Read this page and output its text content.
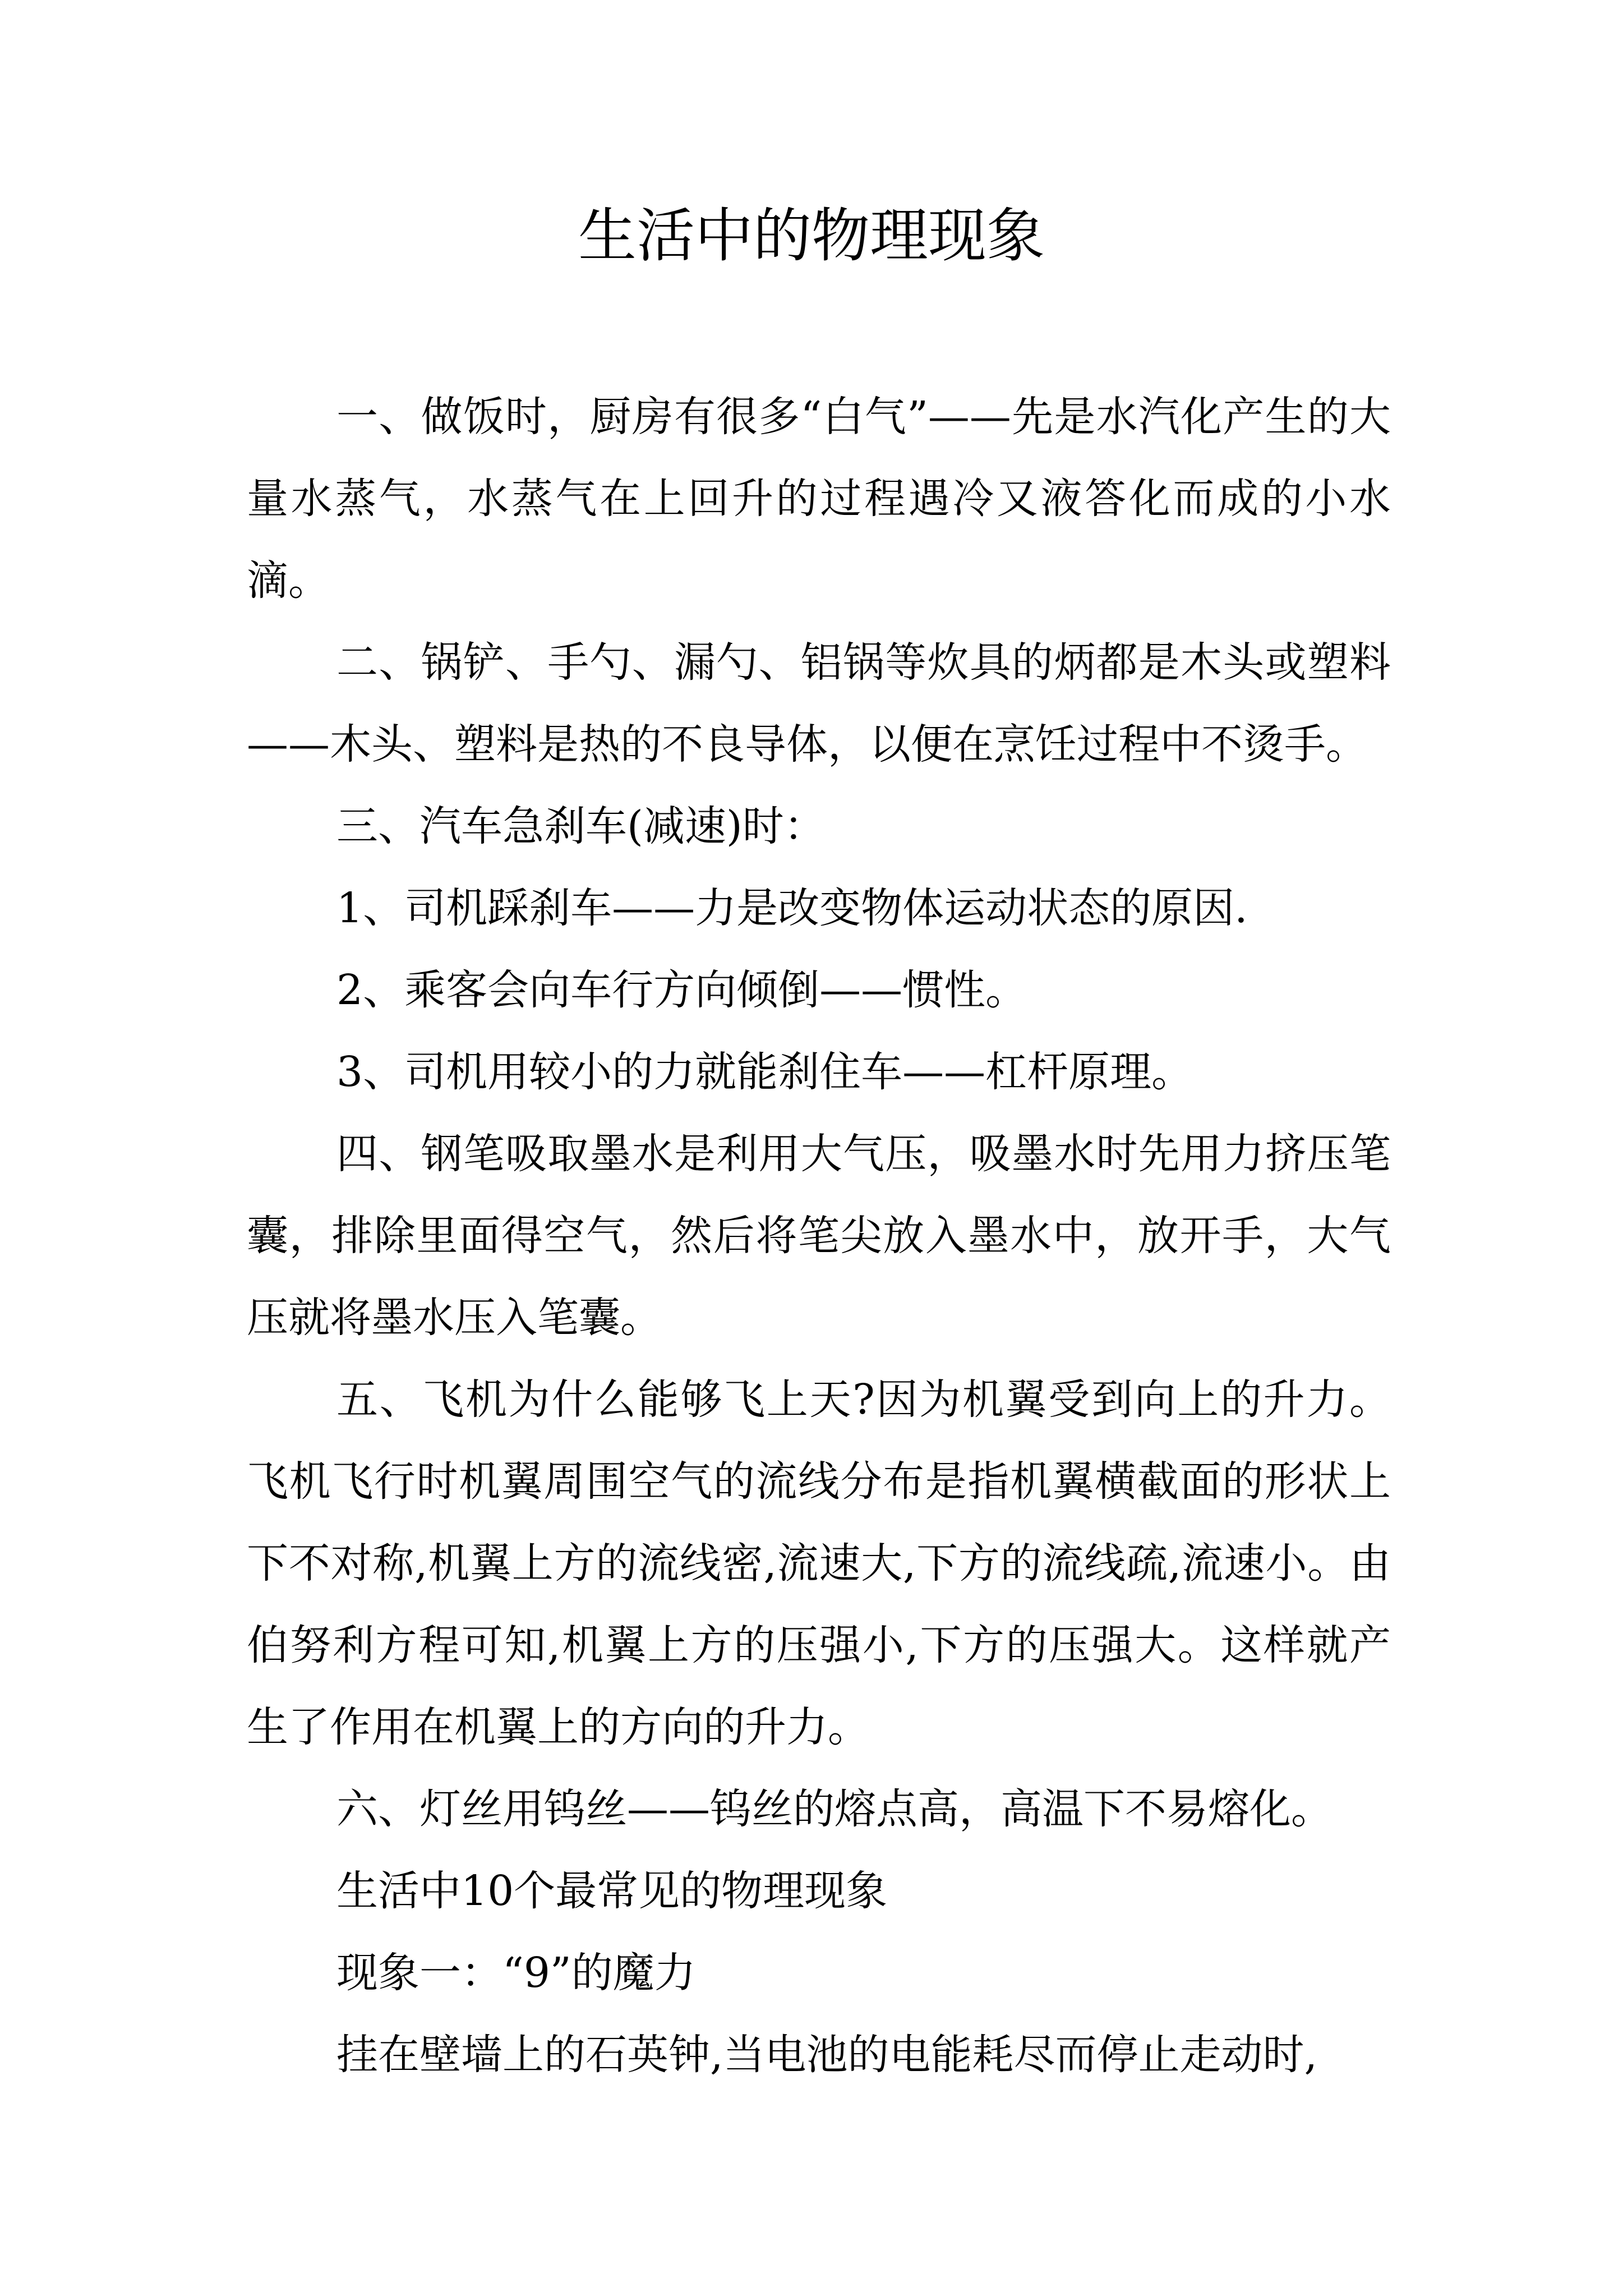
生活中的物理现象

一、做饭时，厨房有很多“白气”——先是水汽化产生的大量水蒸气，水蒸气在上回升的过程遇冷又液答化而成的小水滴。

二、锅铲、手勺、漏勺、铝锅等炊具的炳都是木头或塑料——木头、塑料是热的不良导体，以便在烹饪过程中不烫手。

三、汽车急刹车(减速)时：

1、司机踩刹车——力是改变物体运动状态的原因.

2、乘客会向车行方向倾倒——惯性。

3、司机用较小的力就能刹住车——杠杆原理。

四、钢笔吸取墨水是利用大气压，吸墨水时先用力挤压笔囊，排除里面得空气，然后将笔尖放入墨水中，放开手，大气压就将墨水压入笔囊。

五、飞机为什么能够飞上天?因为机翼受到向上的升力。飞机飞行时机翼周围空气的流线分布是指机翼横截面的形状上下不对称,机翼上方的流线密,流速大,下方的流线疏,流速小。由伯努利方程可知,机翼上方的压强小,下方的压强大。这样就产生了作用在机翼上的方向的升力。

六、灯丝用钨丝——钨丝的熔点高，高温下不易熔化。

生活中10个最常见的物理现象

现象一：“9”的魔力

挂在壁墙上的石英钟,当电池的电能耗尽而停止走动时,
